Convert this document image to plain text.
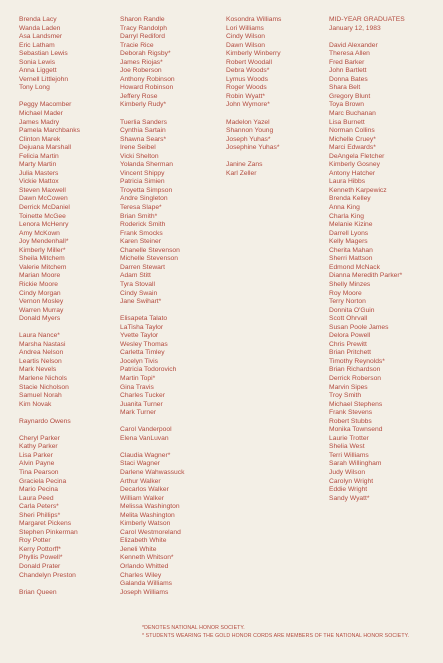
Brenda Lacy
Wanda Laden
Asa Landsmer
Eric Latham
Sebastian Lewis
Sonia Lewis
Anna Liggett
Vernell Littlejohn
Tony Long
Peggy Macomber
Michael Mader
James Madry
Pamela Marchbanks
Clinton Marek
Dejuana Marshall
Felicia Martin
Marty Martin
Julia Masters
Vickie Mattox
Steven Maxwell
Dawn McCowen
Derrick McDaniel
Toinette McGee
Lenora McHenry
Amy McKown
Joy Mendenhall*
Kimberly Miller*
Sheila Mitchem
Valerie Mitchem
Marian Moore
Rickie Moore
Cindy Morgan
Vernon Mosley
Warren Murray
Donald Myers
Laura Nance*
Marsha Nastasi
Andrea Nelson
Leartis Nelson
Mark Nevels
Marlene Nichols
Stacie Nicholson
Samuel Norah
Kim Novak
Raynardo Owens
Cheryl Parker
Kathy Parker
Lisa Parker
Alvin Payne
Tina Pearson
Graciela Pecina
Mario Pecina
Laura Peed
Carla Peters*
Sheri Phillips*
Margaret Pickens
Stephen Pinkerman
Roy Potter
Kerry Pottorff*
Phyllis Powell*
Donald Prater
Chandelyn Preston
Brian Queen
Sharon Randle
Tracy Randolph
Darryl Rediford
Tracie Rice
Deborah Rigsby*
James Riojas*
Joe Roberson
Anthony Robinson
Howard Robinson
Jeffery Rose
Kimberly Rudy*
Tuerlia Sanders
Cynthia Sartain
Shawna Sears*
Irene Seibel
Vicki Shelton
Yolanda Sherman
Vincent Shippy
Patricia Simien
Troyetta Simpson
Andre Singleton
Teresa Slape*
Brian Smith*
Roderick Smith
Frank Smocks
Karen Steiner
Chanelle Stevenson
Michelle Stevenson
Darren Stewart
Adam Stitt
Tyra Stovall
Cindy Swain
Jane Swihart*
Elisapeta Talato
LaTisha Taylor
Yvette Taylor
Wesley Thomas
Carletta Timley
Jocelyn Tivis
Patricia Todorovich
Martin Topi*
Gina Travis
Charles Tucker
Juanita Turner
Mark Turner
Carol Vanderpool
Elena VanLuvan
Claudia Wagner*
Staci Wagner
Darlene Wahwassuck
Arthur Walker
Decarlos Walker
William Walker
Melissa Washington
Melita Washington
Kimberly Watson
Carol Westmoreland
Elizabeth White
Jeneli White
Kenneth Whitson*
Orlando Whitted
Charles Wiley
Galanda Williams
Joseph Williams
Kosondra Williams
Lori Williams
Cindy Wilson
Dawn Wilson
Kimberly Winberry
Robert Woodall
Debra Woods*
Lymus Woods
Roger Woods
Robin Wyatt*
John Wymore*
Madelon Yazel
Shannon Young
Joseph Yuhas*
Josephine Yuhas*
Janine Zans
Karl Zeller
David Alexander
Theresa Allen
Fred Barker
John Bartlett
Donna Bates
Shara Belt
Gregory Blunt
Toya Brown
Marc Buchanan
Lisa Burnett
Norman Collins
Michelle Cruey*
Marci Edwards*
DeAngela Fletcher
Kimberly Gosney
Antony Hatcher
Laura Hibbs
Kenneth Karpewicz
Brenda Kelley
Anna King
Charla King
Melanie Kizine
Darrell Lyons
Kelly Magers
Cherita Mahan
Sherri Mattson
Edmond McNack
Dianna Meredith Parker*
Shelly Minzes
Roy Moore
Terry Norton
Donnita O'Guin
Scott Ohrvall
Susan Poole James
Delora Powell
Chris Prewitt
Brian Pritchett
Timothy Reynolds*
Brian Richardson
Derrick Roberson
Marvin Sipes
Troy Smith
Michael Stephens
Frank Stevens
Robert Stubbs
Monika Townsend
Laurie Trotter
Shelia West
Terri Williams
Sarah Willingham
Judy Wilson
Carolyn Wright
Eddie Wright
Sandy Wyatt*
MID-YEAR GRADUATES
January 12, 1983
*DENOTES NATIONAL HONOR SOCIETY.
* STUDENTS WEARING THE GOLD HONOR CORDS ARE MEMBERS OF THE NATIONAL HONOR SOCIETY.
